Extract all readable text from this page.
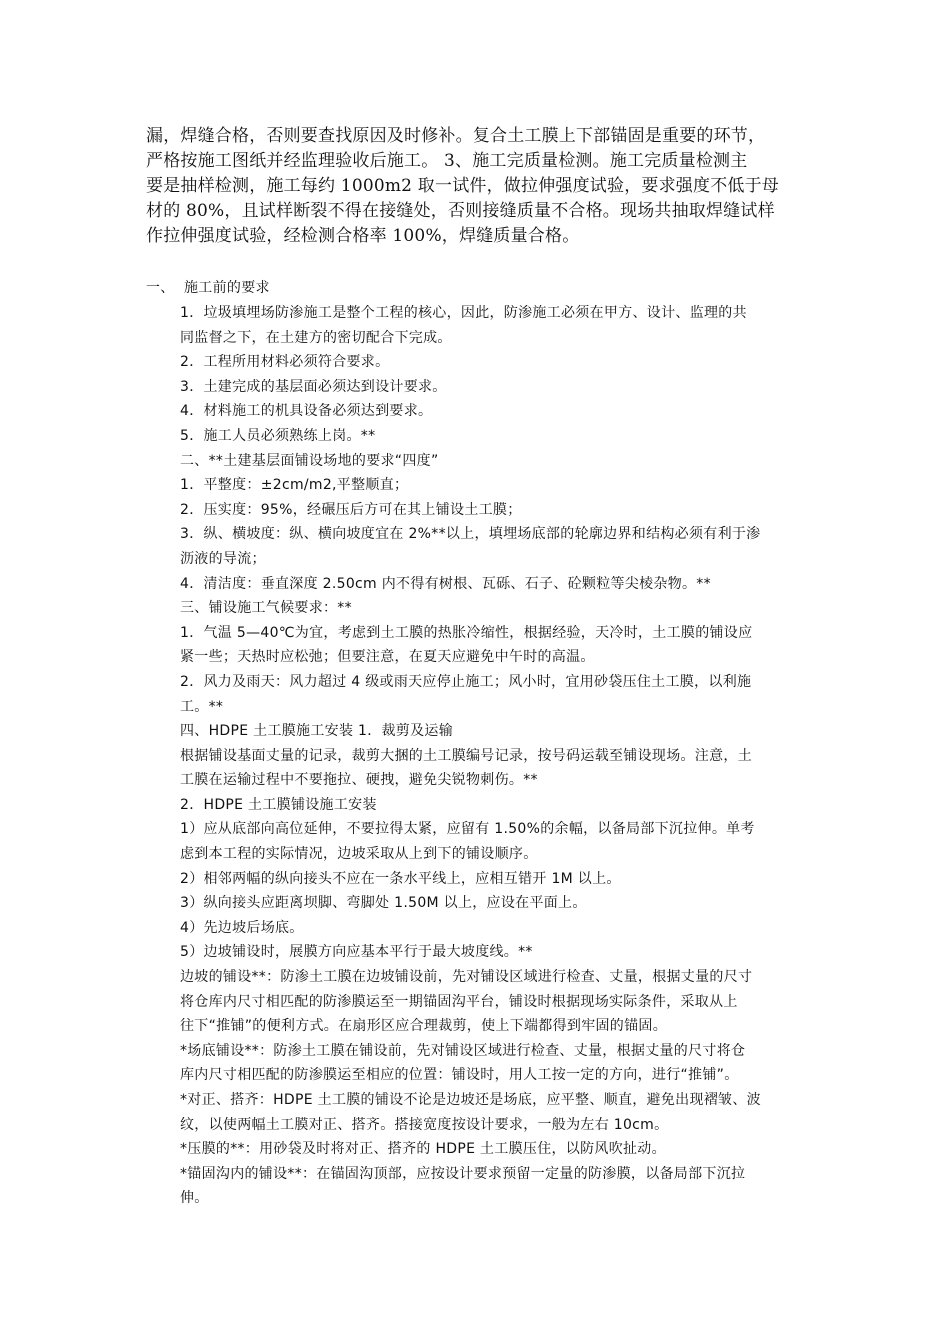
漏，焊缝合格，否则要查找原因及时修补。复合土工膜上下部锚固是重要的环节，
严格按施工图纸并经监理验收后施工。 3、施工完质量检测。施工完质量检测主
要是抽样检测，施工每约 1000m2 取一试件，做拉伸强度试验，要求强度不低于母
材的 80%，且试样断裂不得在接缝处，否则接缝质量不合格。现场共抽取焊缝试样
作拉伸强度试验，经检测合格率 100%，焊缝质量合格。
一、 施工前的要求
1．垃圾填埋场防渗施工是整个工程的核心，因此，防渗施工必须在甲方、设计、监理的共
同监督之下，在土建方的密切配合下完成。
2．工程所用材料必须符合要求。
3．土建完成的基层面必须达到设计要求。
4．材料施工的机具设备必须达到要求。
5．施工人员必须熟练上岗。**
二、**土建基层面铺设场地的要求“四度”
1．平整度：±2cm/m2,平整顺直；
2．压实度：95%，经碾压后方可在其上铺设土工膜；
3．纵、横坡度：纵、横向坡度宜在 2%**以上，填埋场底部的轮廓边界和结构必须有利于渗
沥液的导流；
4．清洁度：垂直深度 2.50cm 内不得有树根、瓦砾、石子、砼颗粒等尖棱杂物。**
三、铺设施工气候要求：**
1．气温 5—40℃为宜，考虑到土工膜的热胀冷缩性，根据经验，天冷时，土工膜的铺设应
紧一些；天热时应松弛；但要注意，在夏天应避免中午时的高温。
2．风力及雨天：风力超过 4 级或雨天应停止施工；风小时，宜用砂袋压住土工膜，以利施
工。**
四、HDPE 土工膜施工安装 1．裁剪及运输
根据铺设基面丈量的记录，裁剪大捆的土工膜编号记录，按号码运载至铺设现场。注意，土
工膜在运输过程中不要拖拉、硬拽，避免尖锐物刺伤。**
2．HDPE 土工膜铺设施工安装
1）应从底部向高位延伸，不要拉得太紧，应留有 1.50%的余幅，以备局部下沉拉伸。单考
虑到本工程的实际情况，边坡采取从上到下的铺设顺序。
2）相邻两幅的纵向接头不应在一条水平线上，应相互错开 1M 以上。
3）纵向接头应距离坝脚、弯脚处 1.50M 以上，应设在平面上。
4）先边坡后场底。
5）边坡铺设时，展膜方向应基本平行于最大坡度线。**
边坡的铺设**：防渗土工膜在边坡铺设前，先对铺设区域进行检查、丈量，根据丈量的尺寸
将仓库内尺寸相匹配的防渗膜运至一期锚固沟平台，铺设时根据现场实际条件，采取从上
往下“推铺”的便利方式。在扇形区应合理裁剪，使上下端都得到牢固的锚固。
*场底铺设**：防渗土工膜在铺设前，先对铺设区域进行检查、丈量，根据丈量的尺寸将仓
库内尺寸相匹配的防渗膜运至相应的位置：铺设时，用人工按一定的方向，进行“推铺”。
*对正、搭齐：HDPE 土工膜的铺设不论是边坡还是场底，应平整、顺直，避免出现褶皱、波
纹，以使两幅土工膜对正、搭齐。搭接宽度按设计要求，一般为左右 10cm。
*压膜的**：用砂袋及时将对正、搭齐的 HDPE 土工膜压住，以防风吹扯动。
*锚固沟内的铺设**：在锚固沟顶部，应按设计要求预留一定量的防渗膜，以备局部下沉拉
伸。
